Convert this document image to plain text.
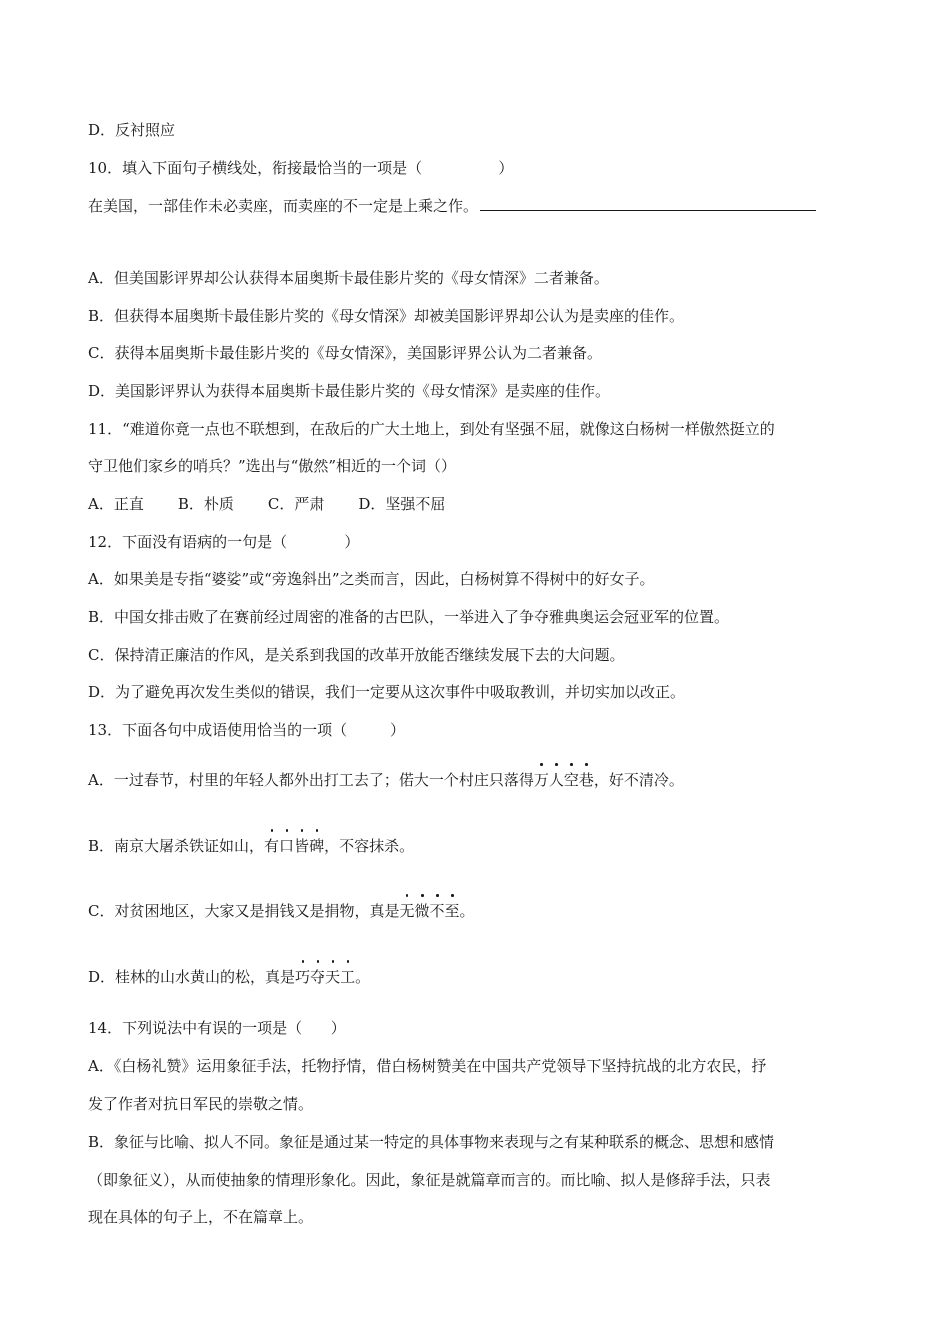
D．反衬照应
10．填入下面句子横线处，衔接最恰当的一项是（	）
在美国，一部佳作未必卖座，而卖座的不一定是上乘之作。
A．但美国影评界却公认获得本届奥斯卡最佳影片奖的《母女情深》二者兼备。
B．但获得本届奥斯卡最佳影片奖的《母女情深》却被美国影评界却公认为是卖座的佳作。
C．获得本届奥斯卡最佳影片奖的《母女情深》，美国影评界公认为二者兼备。
D．美国影评界认为获得本届奥斯卡最佳影片奖的《母女情深》是卖座的佳作。
11．“难道你竟一点也不联想到，在敌后的广大土地上，到处有坚强不屈，就像这白杨树一样傲然挺立的
守卫他们家乡的哨兵？”选出与“傲然”相近的一个词（）
A．正直 B．朴质 C．严肃 D．坚强不屈
12．下面没有语病的一句是（	）
A．如果美是专指“婆娑”或“旁逸斜出”之类而言，因此，白杨树算不得树中的好女子。
B．中国女排击败了在赛前经过周密的准备的古巴队，一举进入了争夺雅典奥运会冠亚军的位置。
C．保持清正廉洁的作风，是关系到我国的改革开放能否继续发展下去的大问题。
D．为了避免再次发生类似的错误，我们一定要从这次事件中吸取教训，并切实加以改正。
13．下面各句中成语使用恰当的一项（	）
A．一过春节，村里的年轻人都外出打工去了；偌大一个村庄只落得万人空巷，好不清冷。
B．南京大屠杀铁证如山，有口皆碑，不容抹杀。
C．对贫困地区，大家又是捐钱又是捐物，真是无微不至。
D．桂林的山水黄山的松，真是巧夺天工。
14．下列说法中有误的一项是（ ）
A．《白杨礼赞》运用象征手法，托物抒情，借白杨树赞美在中国共产党领导下坚持抗战的北方农民，抒
发了作者对抗日军民的崇敬之情。
B．象征与比喻、拟人不同。象征是通过某一特定的具体事物来表现与之有某种联系的概念、思想和感情
（即象征义），从而使抽象的情理形象化。因此，象征是就篇章而言的。而比喻、拟人是修辞手法，只表
现在具体的句子上，不在篇章上。
